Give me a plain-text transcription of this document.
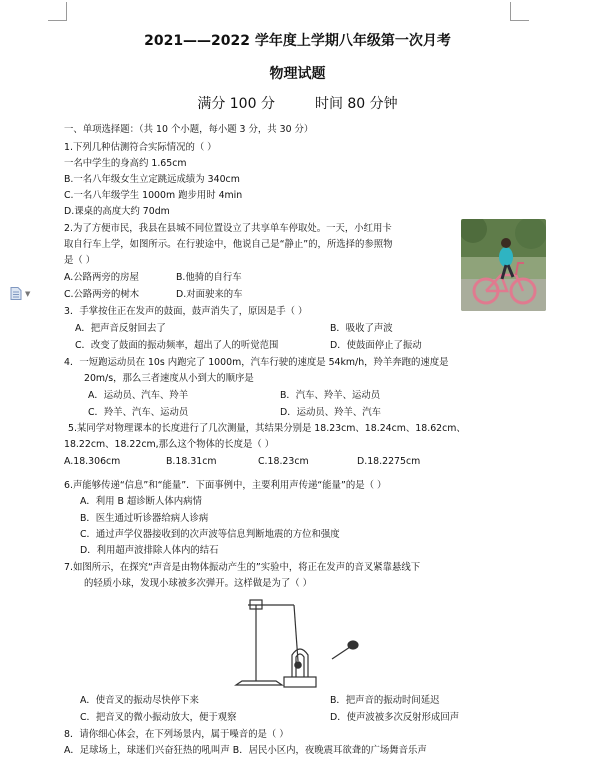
▼
2021——2022 学年度上学期八年级第一次月考
物理试题
满分 100 分	时间 80 分钟
一、单项选择题：（共 10 个小题，每小题 3 分，共 30 分）
1.下列几种估测符合实际情况的（ ）
一名中学生的身高约 1.65cm
B.一名八年级女生立定跳远成绩为 340cm
C.一名八年级学生 1000m 跑步用时 4min
D.课桌的高度大约 70dm
2.为了方便市民，我县在县城不同位置设立了共享单车停取处。一天，小红用卡
取自行车上学，如图所示。在行驶途中，他说自己是“静止”的，所选择的参照物
是（ ）
A.公路两旁的房屋	B.他骑的自行车
C.公路两旁的树木	D.对面驶来的车
3．手掌按住正在发声的鼓面，鼓声消失了，原因是手（ ）
A．把声音反射回去了	B．吸收了声波
C．改变了鼓面的振动频率，超出了人的听觉范围	D．使鼓面停止了振动
4．一短跑运动员在 10s 内跑完了 1000m，汽车行驶的速度是 54km/h，羚羊奔跑的速度是
20m/s，那么三者速度从小到大的顺序是
A．运动员、汽车、羚羊	B．汽车、羚羊、运动员
C．羚羊、汽车、运动员	D．运动员、羚羊、汽车
5.某同学对物理课本的长度进行了几次测量，其结果分别是 18.23cm、18.24cm、18.62cm、
18.22cm、18.22cm,那么这个物体的长度是（ ）
A.18.306cm	B.18.31cm	C.18.23cm	D.18.2275cm
6.声能够传递“信息”和“能量”．下面事例中，主要利用声传递“能量”的是（ ）
A．利用 B 超诊断人体内病情
B．医生通过听诊器给病人诊病
C．通过声学仪器接收到的次声波等信息判断地震的方位和强度
D．利用超声波排除人体内的结石
7.如图所示，在探究“声音是由物体振动产生的”实验中，将正在发声的音叉紧靠悬线下
的轻质小球，发现小球被多次弹开。这样做是为了（ ）
A．使音叉的振动尽快停下来	B．把声音的振动时间延迟
C．把音叉的微小振动放大，便于观察	D．使声波被多次反射形成回声
8．请你细心体会，在下列场景内，属于噪音的是（ ）
A．足球场上，球迷们兴奋狂热的吼叫声 B．居民小区内，夜晚震耳欲聋的广场舞音乐声
